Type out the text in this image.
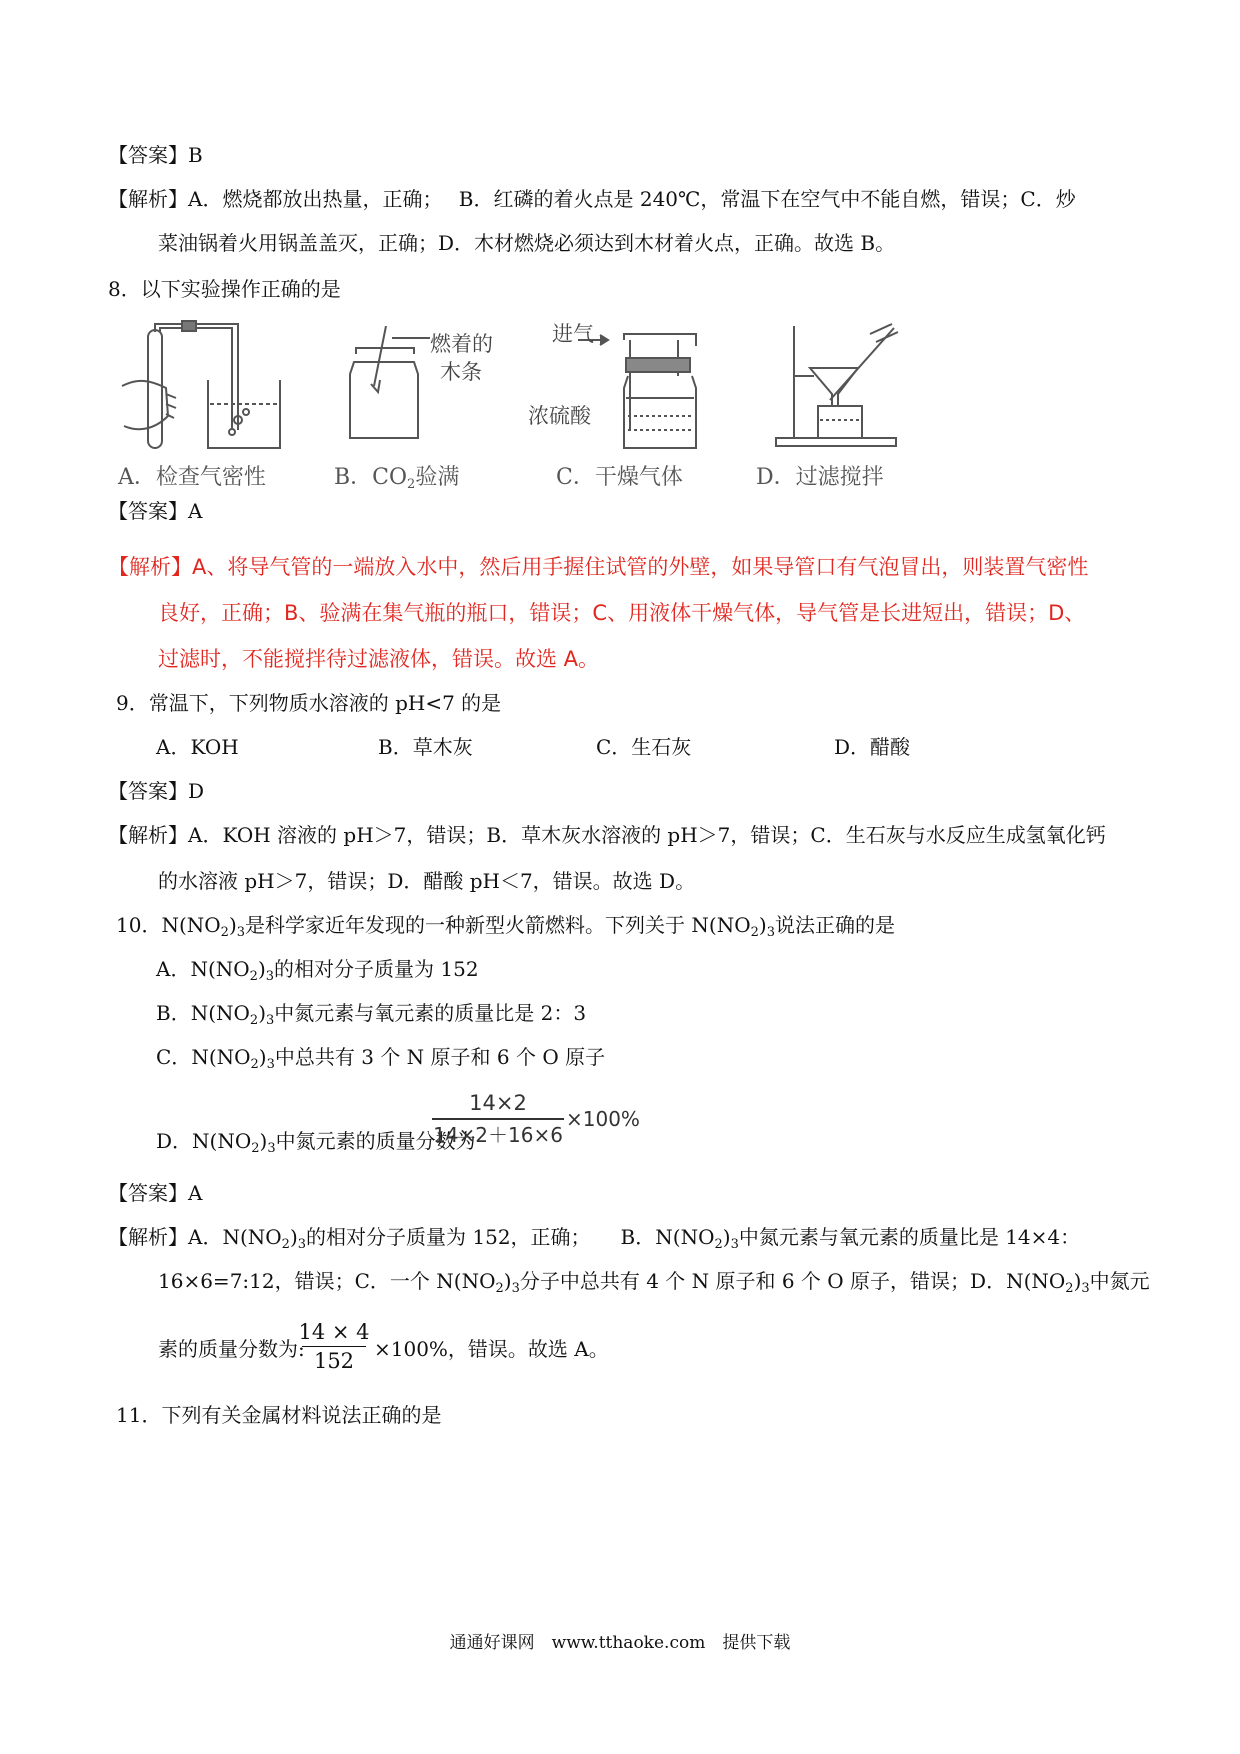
【答案】B
【解析】A．燃烧都放出热量，正确；　 B．红磷的着火点是 240℃，常温下在空气中不能自燃，错误；C．炒
菜油锅着火用锅盖盖灭，正确；D．木材燃烧必须达到木材着火点，正确。故选 B。
8．以下实验操作正确的是
A．检查气密性
燃着的
木条
B．$CO_2$验满
进气
浓硫酸
C．干燥气体	D．过滤搅拌
【答案】A
【解析】A、将导气管的一端放入水中，然后用手握住试管的外壁，如果导管口有气泡冒出，则装置气密性
良好，正确；B、验满在集气瓶的瓶口，错误；C、用液体干燥气体，导气管是长进短出，错误；D、
过滤时，不能搅拌待过滤液体，错误。故选 A。
9．常温下，下列物质水溶液的 pH<7 的是
A．KOH	B．草木灰	C．生石灰	D．醋酸
【答案】D
【解析】A．KOH 溶液的 pH＞7，错误；B．草木灰水溶液的 pH＞7，错误；C．生石灰与水反应生成氢氧化钙
的水溶液 pH＞7，错误；D．醋酸 pH＜7，错误。故选 D。
10．$N(NO_2)_3$是科学家近年发现的一种新型火箭燃料。下列关于 $N(NO_2)_3$说法正确的是
A．$N(NO_2)_3$的相对分子质量为 152
B．$N(NO_2)_3$中氮元素与氧元素的质量比是 2：3
C．$N(NO_2)_3$中总共有 3 个 N 原子和 6 个 O 原子
D．$N(NO_2)_3$中氮元素的质量分数为
14×2
14×2＋16×6
×100%
【答案】A
【解析】A．$N(NO_2)_3$的相对分子质量为 152，正确；　　B．$N(NO_2)_3$中氮元素与氧元素的质量比是 14×4：
16×6=7:12，错误；C．一个 $N(NO_2)_3$分子中总共有 4 个 N 原子和 6 个 O 原子，错误；D．$N(NO_2)_3$中氮元
素的质量分数为:
14 × 4
152 ×100%，错误。故选 A。
11．下列有关金属材料说法正确的是
通通好课网　www.tthaoke.com　提供下载
